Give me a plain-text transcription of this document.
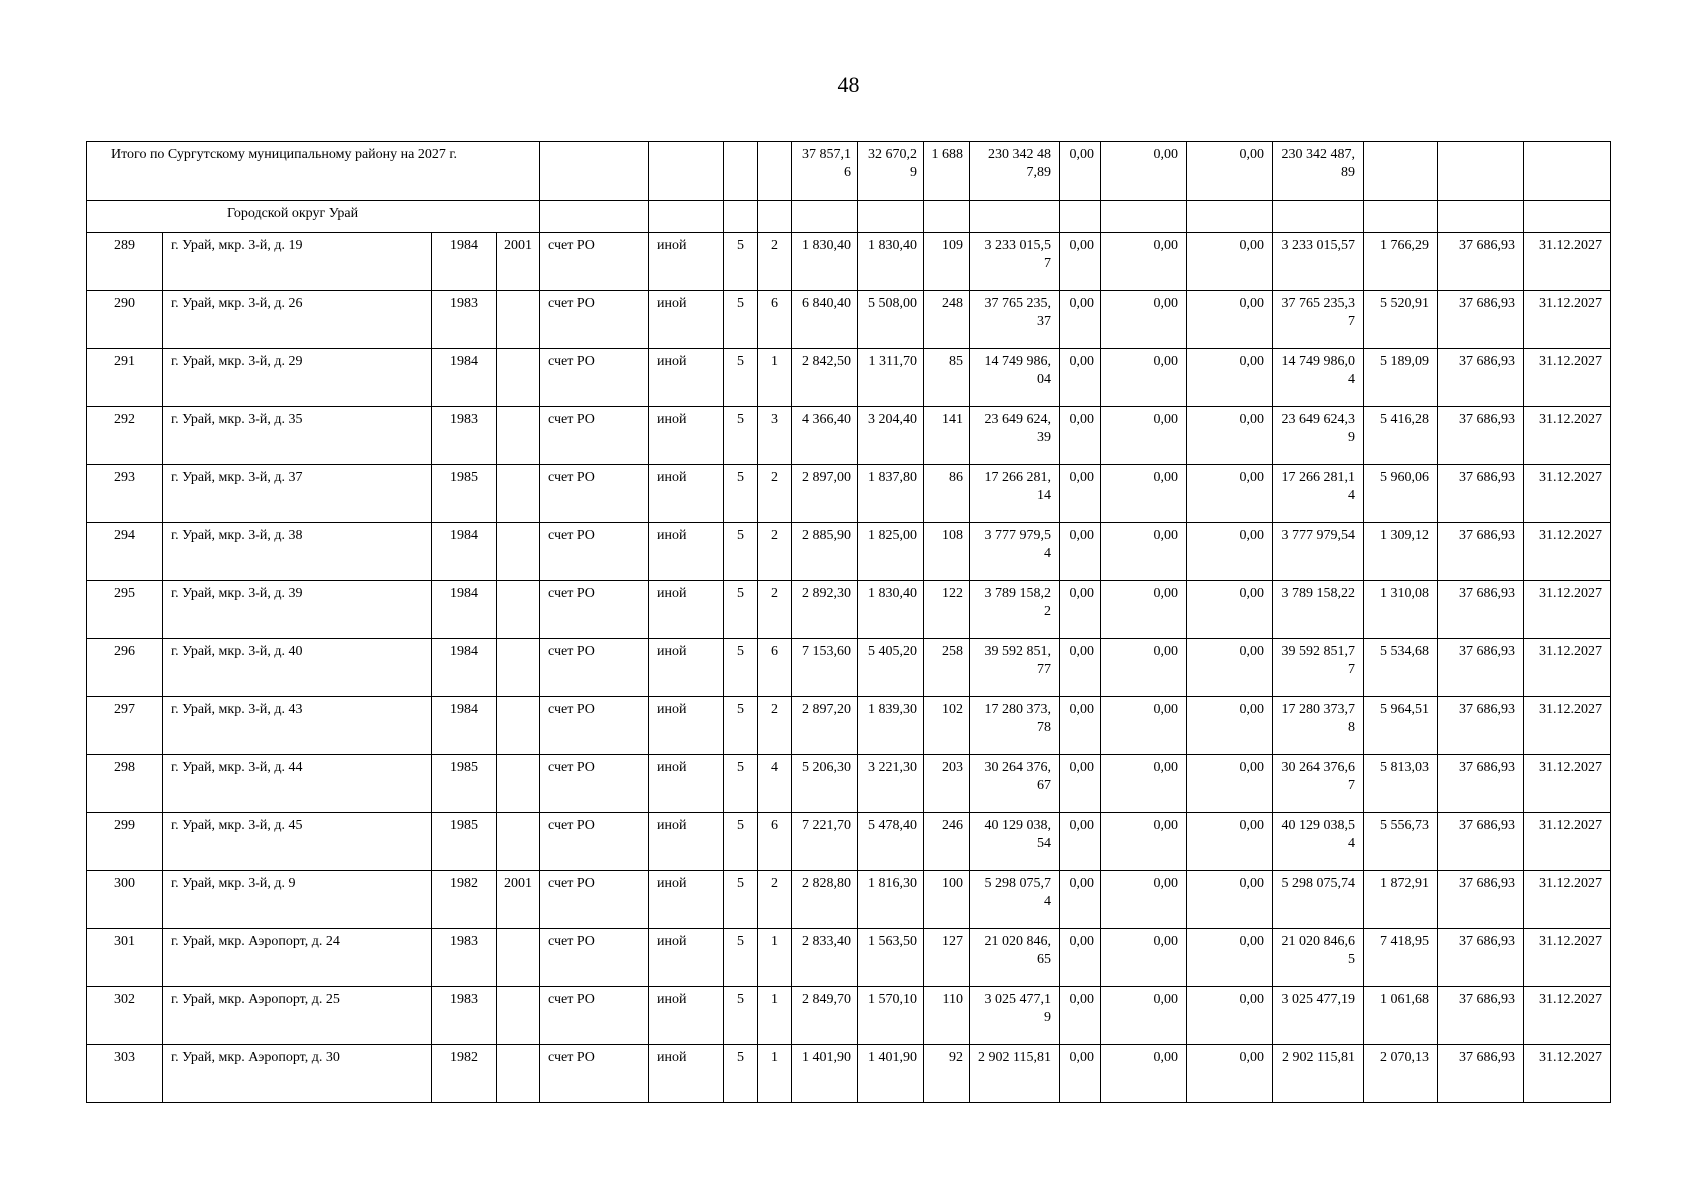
48
Итого по Сургутскому муниципальному району на 2027 г.								37 857,16	32 670,29	1 688	230 342 487,89	0,00	0,00	0,00	230 342 487,89			
Городской округ Урай																		
289	г. Урай, мкр. 3-й, д. 19	1984	2001	счет РО	иной	5	2	1 830,40	1 830,40	109	3 233 015,57	0,00	0,00	0,00	3 233 015,57	1 766,29	37 686,93	31.12.2027
290	г. Урай, мкр. 3-й, д. 26	1983		счет РО	иной	5	6	6 840,40	5 508,00	248	37 765 235,37	0,00	0,00	0,00	37 765 235,37	5 520,91	37 686,93	31.12.2027
291	г. Урай, мкр. 3-й, д. 29	1984		счет РО	иной	5	1	2 842,50	1 311,70	85	14 749 986,04	0,00	0,00	0,00	14 749 986,04	5 189,09	37 686,93	31.12.2027
292	г. Урай, мкр. 3-й, д. 35	1983		счет РО	иной	5	3	4 366,40	3 204,40	141	23 649 624,39	0,00	0,00	0,00	23 649 624,39	5 416,28	37 686,93	31.12.2027
293	г. Урай, мкр. 3-й, д. 37	1985		счет РО	иной	5	2	2 897,00	1 837,80	86	17 266 281,14	0,00	0,00	0,00	17 266 281,14	5 960,06	37 686,93	31.12.2027
294	г. Урай, мкр. 3-й, д. 38	1984		счет РО	иной	5	2	2 885,90	1 825,00	108	3 777 979,54	0,00	0,00	0,00	3 777 979,54	1 309,12	37 686,93	31.12.2027
295	г. Урай, мкр. 3-й, д. 39	1984		счет РО	иной	5	2	2 892,30	1 830,40	122	3 789 158,22	0,00	0,00	0,00	3 789 158,22	1 310,08	37 686,93	31.12.2027
296	г. Урай, мкр. 3-й, д. 40	1984		счет РО	иной	5	6	7 153,60	5 405,20	258	39 592 851,77	0,00	0,00	0,00	39 592 851,77	5 534,68	37 686,93	31.12.2027
297	г. Урай, мкр. 3-й, д. 43	1984		счет РО	иной	5	2	2 897,20	1 839,30	102	17 280 373,78	0,00	0,00	0,00	17 280 373,78	5 964,51	37 686,93	31.12.2027
298	г. Урай, мкр. 3-й, д. 44	1985		счет РО	иной	5	4	5 206,30	3 221,30	203	30 264 376,67	0,00	0,00	0,00	30 264 376,67	5 813,03	37 686,93	31.12.2027
299	г. Урай, мкр. 3-й, д. 45	1985		счет РО	иной	5	6	7 221,70	5 478,40	246	40 129 038,54	0,00	0,00	0,00	40 129 038,54	5 556,73	37 686,93	31.12.2027
300	г. Урай, мкр. 3-й, д. 9	1982	2001	счет РО	иной	5	2	2 828,80	1 816,30	100	5 298 075,74	0,00	0,00	0,00	5 298 075,74	1 872,91	37 686,93	31.12.2027
301	г. Урай, мкр. Аэропорт, д. 24	1983		счет РО	иной	5	1	2 833,40	1 563,50	127	21 020 846,65	0,00	0,00	0,00	21 020 846,65	7 418,95	37 686,93	31.12.2027
302	г. Урай, мкр. Аэропорт, д. 25	1983		счет РО	иной	5	1	2 849,70	1 570,10	110	3 025 477,19	0,00	0,00	0,00	3 025 477,19	1 061,68	37 686,93	31.12.2027
303	г. Урай, мкр. Аэропорт, д. 30	1982		счет РО	иной	5	1	1 401,90	1 401,90	92	2 902 115,81	0,00	0,00	0,00	2 902 115,81	2 070,13	37 686,93	31.12.2027
